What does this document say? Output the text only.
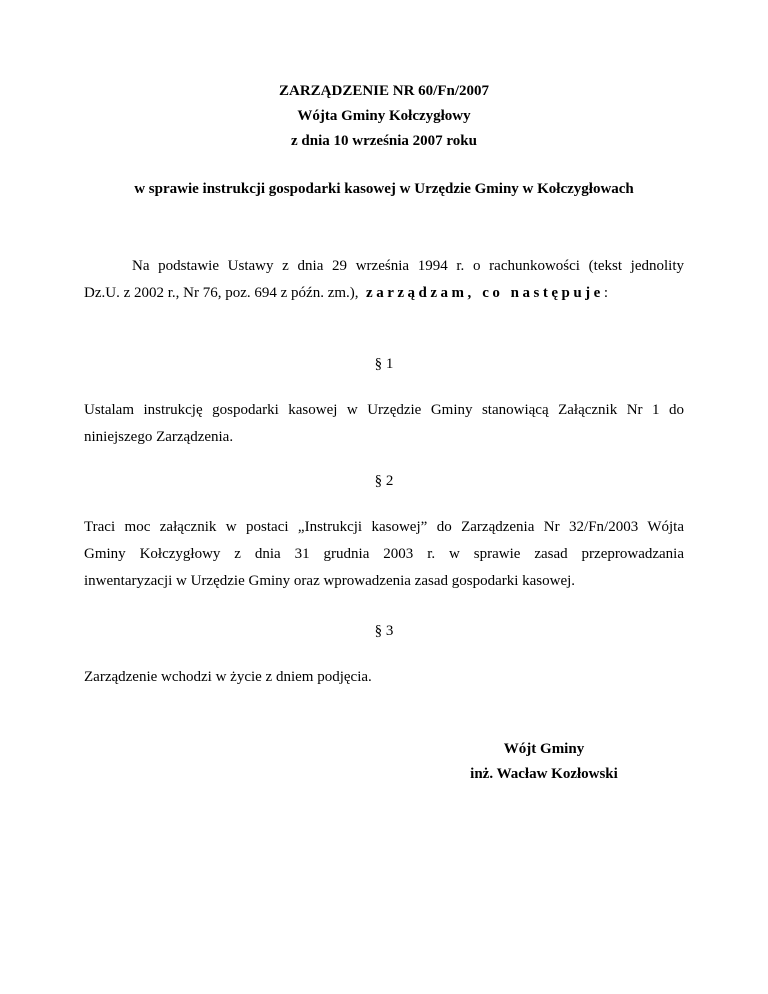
ZARZĄDZENIE NR 60/Fn/2007
Wójta Gminy Kołczygłowy
z dnia 10 września 2007 roku
w sprawie instrukcji gospodarki kasowej w Urzędzie Gminy w Kołczygłowach
Na podstawie Ustawy z dnia 29 września 1994 r. o rachunkowości (tekst jednolity
Dz.U. z 2002 r., Nr 76, poz. 694 z późn. zm.), zarządzam, co następuje:
§ 1
Ustalam instrukcję gospodarki kasowej w Urzędzie Gminy stanowiącą Załącznik Nr 1 do
niniejszego Zarządzenia.
§ 2
Traci moc załącznik w postaci „Instrukcji kasowej” do Zarządzenia Nr 32/Fn/2003 Wójta
Gminy Kołczygłowy z dnia 31 grudnia 2003 r. w sprawie zasad przeprowadzania
inwentaryzacji w Urzędzie Gminy oraz wprowadzenia zasad gospodarki kasowej.
§ 3
Zarządzenie wchodzi w życie z dniem podjęcia.
Wójt Gminy
inż. Wacław Kozłowski
